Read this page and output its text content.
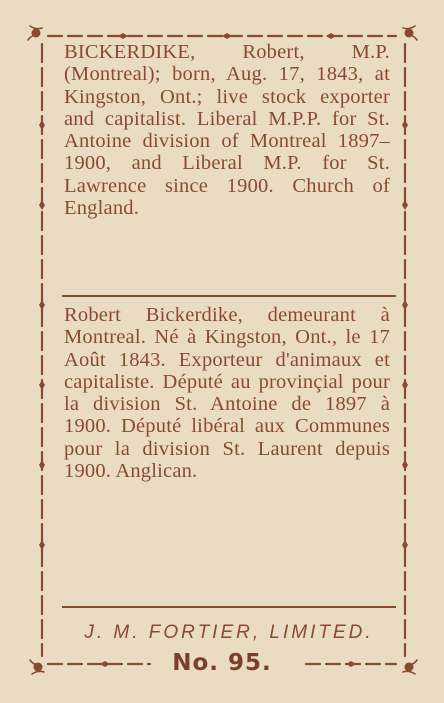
BICKERDIKE, Robert, M.P. (Montreal); born, Aug. 17, 1843, at Kingston, Ont.; live stock exporter and capitalist. Liberal M.P.P. for St. Antoine division of Montreal 1897–1900, and Liberal M.P. for St. Lawrence since 1900. Church of England.
Robert Bickerdike, demeurant à Montreal. Né à Kingston, Ont., le 17 Août 1843. Exporteur d'animaux et capitaliste. Député au provinçial pour la division St. Antoine de 1897 à 1900. Député libéral aux Communes pour la division St. Laurent depuis 1900. Anglican.
J. M. FORTIER, LIMITED.
No. 95.
